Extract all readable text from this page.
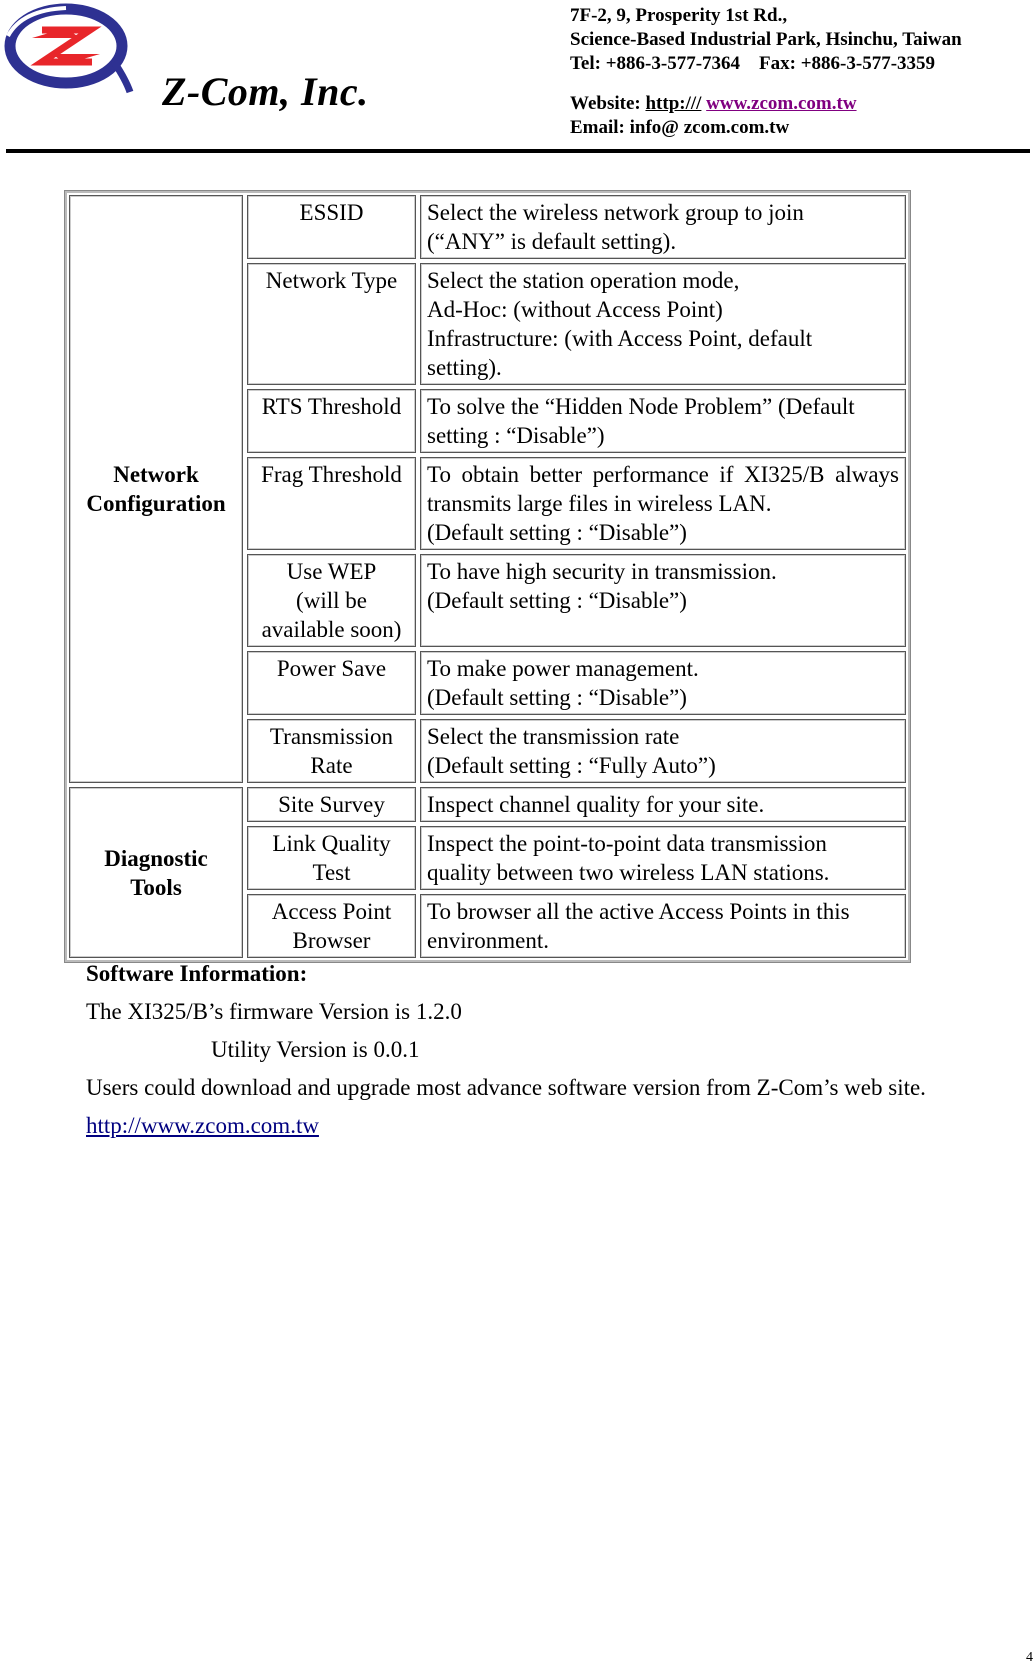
Z-Com, Inc.
7F-2, 9, Prosperity 1st Rd.,
Science-Based Industrial Park, Hsinchu, Taiwan
Tel: +886-3-577-7364    Fax: +886-3-577-3359
Website: http:/// www.zcom.com.tw
Email: info@ zcom.com.tw
Network
Configuration	ESSID	Select the wireless network group to join
(“ANY” is default setting).

	Network Type	Select the station operation mode,
Ad-Hoc: (without Access Point)
Infrastructure: (with Access Point, default
setting).

	RTS Threshold	To solve the “Hidden Node Problem” (Default
setting : “Disable”)

	Frag Threshold	To obtain better performance if XI325/B always transmits large files in wireless LAN.
(Default setting : “Disable”)

	Use WEP
(will be
available soon)	To have high security in transmission.
(Default setting : “Disable”)

	Power Save	To make power management.
(Default setting : “Disable”)

	Transmission
Rate	Select the transmission rate
(Default setting : “Fully Auto”)

Diagnostic
Tools	Site Survey	Inspect channel quality for your site.

	Link Quality
Test	Inspect the point-to-point data transmission
quality between two wireless LAN stations.

	Access Point
Browser	To browser all the active Access Points in this
environment.
Software Information:
The XI325/B’s firmware Version is 1.2.0
Utility Version is 0.0.1
Users could download and upgrade most advance software version from Z-Com’s web site.
http://www.zcom.com.tw
4
